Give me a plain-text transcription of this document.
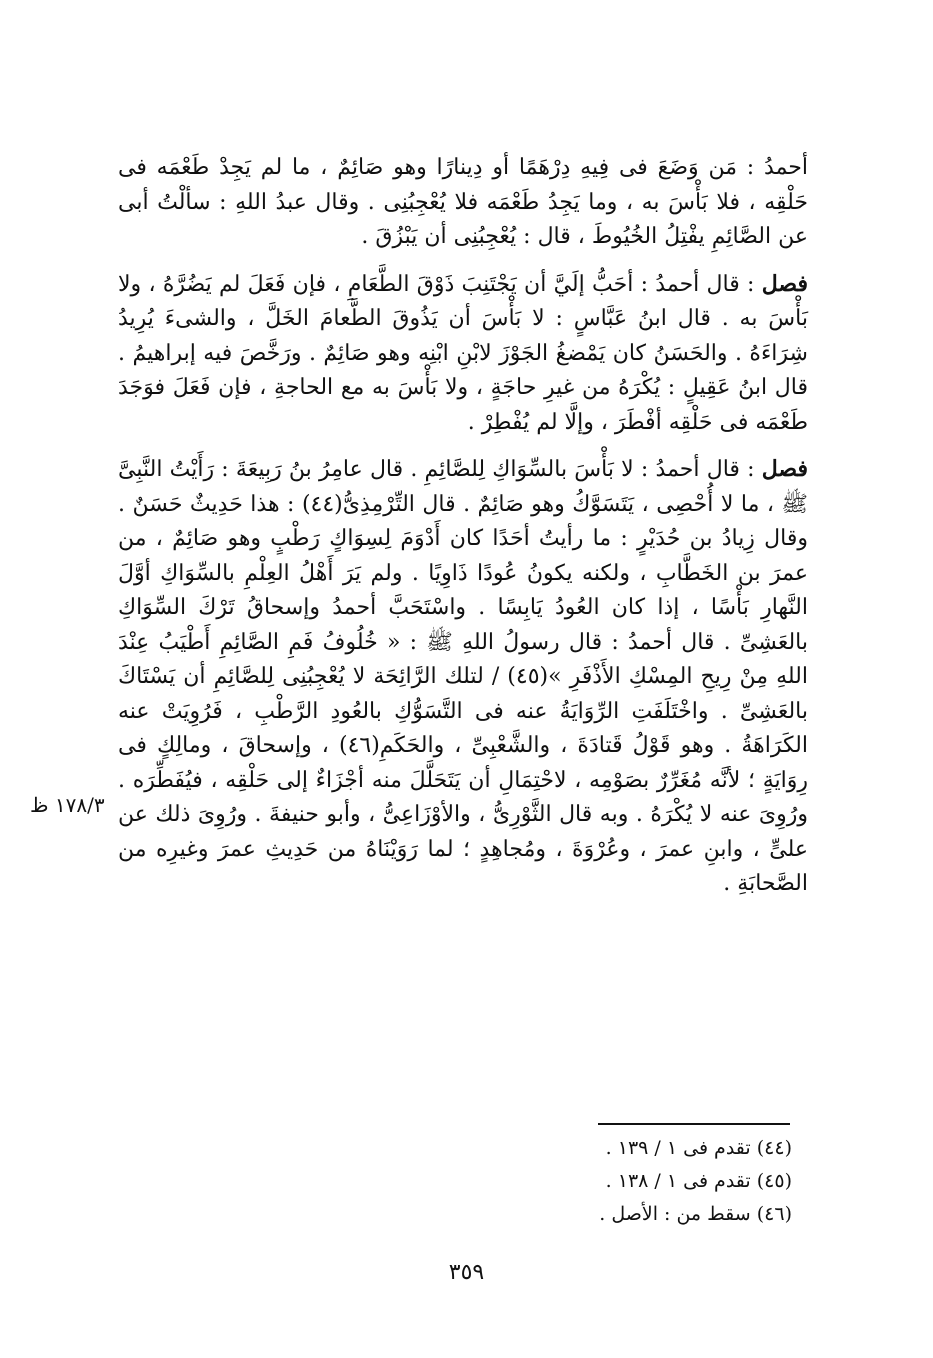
أحمدُ : مَن وَضَعَ فى فِيهِ دِرْهَمًا أو دِينارًا وهو صَائِمٌ ، ما لم يَجِدْ طَعْمَه فى حَلْقِه ، فلا بَأْسَ به ، وما يَجِدُ طَعْمَه فلا يُعْجِبُنِى . وقال عبدُ اللهِ : سألْتُ أبى عن الصَّائِمِ يفْتِلُ الخُيُوطَ ، قال : يُعْجِبُنِى أن يَبْزُقَ .

فصل : قال أحمدُ : أحَبُّ إلَيَّ أن يَجْتَنِبَ ذَوْقَ الطَّعَامِ ، فإن فَعَلَ لم يَضُرَّهُ ، ولا بَأْسَ به . قال ابنُ عَبَّاسٍ : لا بَأْسَ أن يَذُوقَ الطَّعامَ الخَلَّ ، والشىءَ يُرِيدُ شِرَاءَهُ . والحَسَنُ كان يَمْضغُ الجَوْزَ لابْنِ ابْنِه وهو صَائِمٌ . ورَخَّصَ فيه إبراهيمُ . قال ابنُ عَقِيلٍ : يُكْرَهُ من غيرِ حاجَةٍ ، ولا بَأْسَ به مع الحاجةِ ، فإن فَعَلَ فوَجَدَ طَعْمَه فى حَلْقِه أفْطَرَ ، وإلَّا لم يُفْطِرْ .

فصل : قال أحمدُ : لا بَأْسَ بالسِّوَاكِ لِلصَّائِمِ . قال عامِرُ بنُ رَبِيعَةَ : رَأَيْتُ النَّبِىَّ ﷺ ، ما لا أُحْصِى ، يَتَسَوَّكُ وهو صَائِمٌ . قال التِّرْمِذِىُّ(٤٤) : هذا حَدِيثٌ حَسَنٌ . وقال زِيادُ بن حُدَيْرٍ : ما رأيتُ أحَدًا كان أَدْوَمَ لِسِوَاكٍ رَطْبٍ وهو صَائِمٌ ، من عمرَ بن الخَطَّابِ ، ولكنه يكونُ عُودًا ذَاوِيًا . ولم يَرَ أَهْلُ العِلْمِ بالسِّوَاكِ أوَّلَ النَّهارِ بَأْسًا ، إذا كان العُودُ يَابِسًا . واسْتَحَبَّ أحمدُ وإسحاقُ تَرْكَ السِّوَاكِ بالعَشِىِّ . قال أحمدُ : قال رسولُ اللهِ ﷺ : « خُلُوفُ فَمِ الصَّائِمِ أَطْيَبُ عِنْدَ اللهِ مِنْ رِيحِ المِسْكِ الأَذْفَرِ »(٤٥) / لتلك الرَّائِحَة لا يُعْجِبُنِى لِلصَّائِمِ أن يَسْتَاكَ بالعَشِىِّ . واخْتَلَفَتِ الرِّوَايَةُ عنه فى التَّسَوُّكِ بالعُودِ الرَّطْبِ ، فَرُوِيَتْ عنه الكَرَاهَةُ . وهو قَوْلُ قَتادَةَ ، والشَّعْبِىِّ ، والحَكَمِ(٤٦) ، وإسحاقَ ، ومالِكٍ فى رِوَايَةٍ ؛ لأنَّه مُغَرِّرٌ بصَوْمِه ، لاحْتِمَالِ أن يَتَحَلَّلَ منه أجْزَاءٌ إلى حَلْقِه ، فيُفَطِّرَه . ورُوِىَ عنه لا يُكْرَهُ . وبه قال الثَّوْرِىُّ ، والأوْزَاعِىُّ ، وأبو حنيفةَ . ورُوِىَ ذلك عن علىٍّ ، وابنِ عمرَ ، وعُرْوَةَ ، ومُجاهِدٍ ؛ لما رَوَيْنَاهُ من حَدِيثِ عمرَ وغيرِه من الصَّحابَةِ .

١٧٨/٣ ظ
(٤٤) تقدم فى ١ / ١٣٩ .
(٤٥) تقدم فى ١ / ١٣٨ .
(٤٦) سقط من : الأصل .
٣٥٩
